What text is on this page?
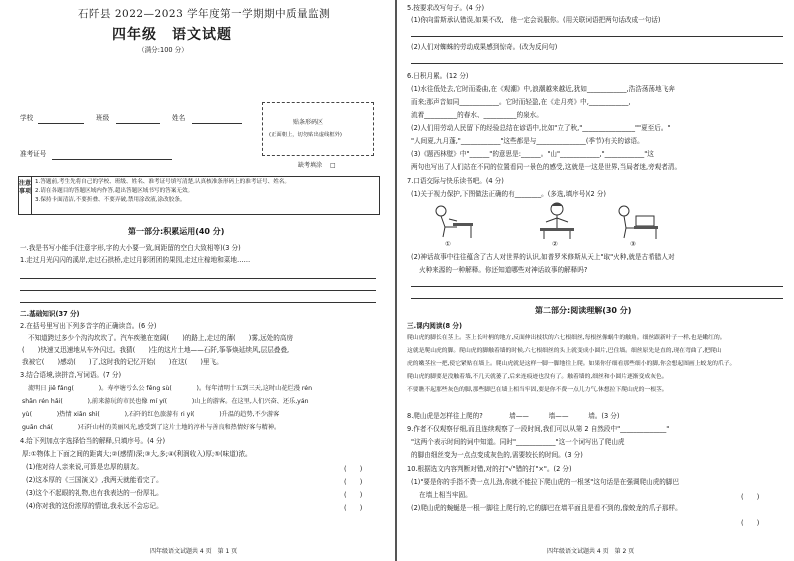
石阡县 2022—2023 学年度第一学期期中质量监测
四年级　语文试题
（满分:100 分）
学校	班级	姓名
准考证号
贴条形码区
(正面朝上，切勿贴出虚线框外)
缺考填涂 □
注意事项
1.答题前,考生先将自己的学校、班级、姓名、准考证号填写清楚,认真核准条形码上的准考证号、姓名。
2.请在各题目的答题区域内作答,超出答题区域书写的答案无效。
3.保持卡面清洁,不要折叠、不要弄破,禁用涂改液,涂改胶条。
第一部分:积累运用(40 分)
一.我是书写小能手(注意字形,字的大小要一致,间距留的空白大致相等)(3 分)
1.走过月光闪闪的溪岸,走过石拱桥,走过月影团团的果园,走过庄稼地和菜地……
二.基础知识(37 分)
2.在括号里写出下列多音字的正确读音。(6 分)
不知道跨过多少个沟沟坎坎了。汽车疾驰在宽阔(　　)的路上,走过的薄(　　)雾,远处的高房
(　　)快速又迅速地从车外闪过。我猜(　　)生的这片土地——石阡,筝筝焕延续风,层层叠叠,
我被它(　　)感动(　　)了,这时我的记忆开始(　　)在这(　　)里飞。
3.结合语境,读拼音,写词语。(7 分)
流明日 jiē fǎng(　　　　)。寿亭塘亏么公 fēng sù(　　　　)。每年清明十五到三天,这时山花烂漫 rén
shān rén hǎi(　　　　),前来游玩的市民也像 mí yí(　　　　)山上的游客。在这里,人们兴奋、还乐,yán
yù(　　　　)热情 xiān shì(　　　　),石阡的红色旅游有 ri yí(　　　　)升温的趋势,不少游客
guān chá(　　　　)石阡山村的美丽风光,感受到了这片土地的淳朴与善良和热情好客与精神。
4.给下列加点字选择恰当的解释,只填序号。(4 分)
厚:①物体上下面之间的距离大;②(感情)深;③大,多;④(利润收入)厚;⑤(味道)浓。
(1)他对待人亲来说,可算是忠厚的朋友。	(　　)
(2)这本厚的《三国演义》,我两天就能看完了。	(　　)
(3)这个不起眼的礼物,也有我表达的一份厚礼。	(　　)
(4)你对我的这份浓厚的情谊,我永远不会忘记。	(　　)
四年级语文试题共 4 页　第 1 页
5.按要求改写句子。(4 分)
(1)你向雷斯承认错误,如果不改,　他一定会说服你。(用关联词语把两句话改成一句话)
(2)人们对蜘蛛的劳动成果感到惊奇。(改为反问句)
6.日积月累。(12 分)
(1)水往低处去,它时而委曲,在《观潮》中,浪潮越来越近,犹如____________,浩浩荡荡地飞奔
而来;那声音如同____________。它时而轻盈,在《走月亮》中,____________,
流着__________的春水、__________的泉水。
(2)人们用劳动人民留下的经验总结在谚语中,比如"立了秋,"________________""夏至后。"
"人间夏,九月蓬,"____________"这些都是与_______________(季节)有关的谚语。
(3)《题西林壁》中"______"的意思是:______。"山"____________,"____________"这
两句也写出了人们站在不同的位置看同一景色的感受,这就是一这是世界,当局者迷,旁观者清。
7.口语交际与快乐读书吧。(4 分)
(1)关于视力保护,下图做法正确的有________。(多选,填序号)(2 分)
①	②	③
(2)神话故事中往往蕴含了古人对世界的认识,如普罗米修斯从天上"取"火种,就是古希腊人对
火种来源的一种解释。你还知道哪些对神话故事的解释吗?
第二部分:阅读理解(30 分)
三.课内阅读(8 分)
爬山虎的脚长在茎上。茎上长叶柄的地方,反面伸出枝状的六七根细丝,每根丝像蜗牛的触角。细丝跟新叶子一样,也是嫩红的。
这就是爬山虎的脚。爬山虎的脚触着墙的时候,六七根细丝的头上就变成小圆片,巴住墙。细丝原先是直的,现在弯曲了,把爬山
虎的嫩茎拉一把,使它紧贴在墙上。爬山虎就是这样一脚一脚地往上爬。如果你仔细看那些细小的脚,你会想起图画上蛟龙的爪子。
爬山虎的脚要是没触着墙,不几天就萎了,后来连痕迹也没有了。触着墙的,细丝和小圆片逐渐变成灰色。
不要瞧不起那些灰色的脚,那些脚巴在墙上相当牢固,要是你不费一点儿力气,休想拉下爬山虎的一根茎。
8.爬山虎是怎样往上爬的?　　　　墙——　　　墙——　　　墙。(3 分)
9.作者不仅观察仔细,而且连续观察了一段时间,我们可以从第 2 自然段中"______________"
"这两个表示时间的词中知道。同时"____________"这一个词写出了爬山虎
的脚由细丝变为一点点变成灰色的,需要较长的时间。(3 分)
10.根据选文内容判断对错,对的打"√"错的打"×"。(2 分)
(1)"要是你的手指不费一点儿劲,你就不能拉下爬山虎的一根茎"这句话是在强调爬山虎的脚巴
在墙上相当牢固。	(　　)
(2)爬山虎的蜿蜒是一根一脚往上爬行的,它的脚巴在墙平面且是看不到的,像蛟龙的爪子那样。
(　　)
四年级语文试题共 4 页　第 2 页
